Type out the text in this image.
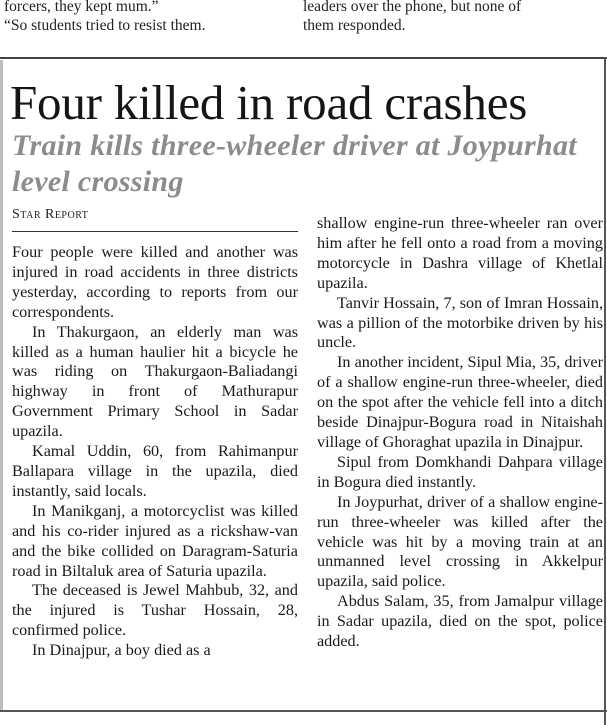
forcers, they kept mum.”

“So students tried to resist them.

leaders over the phone, but none of

them responded.

Four killed in road crashes
Train kills three-wheeler driver at Joypurhat level crossing
Star Report

Four people were killed and another was injured in road accidents in three districts yesterday, according to reports from our correspondents.

In Thakurgaon, an elderly man was killed as a human haulier hit a bicycle he was riding on Thakurgaon-Baliadangi highway in front of Mathurapur Government Primary School in Sadar upazila.

Kamal Uddin, 60, from Rahimanpur Ballapara village in the upazila, died instantly, said locals.

In Manikganj, a motorcyclist was killed and his co-rider injured as a rickshaw-van and the bike collided on Daragram-Saturia road in Biltaluk area of Saturia upazila.

The deceased is Jewel Mahbub, 32, and the injured is Tushar Hossain, 28, confirmed police.

In Dinajpur, a boy died as a

shallow engine-run three-wheeler ran over him after he fell onto a road from a moving motorcycle in Dashra village of Khetlal upazila.

Tanvir Hossain, 7, son of Imran Hossain, was a pillion of the motorbike driven by his uncle.

In another incident, Sipul Mia, 35, driver of a shallow engine-run three-wheeler, died on the spot after the vehicle fell into a ditch beside Dinajpur-Bogura road in Nitaishah village of Ghoraghat upazila in Dinajpur.

Sipul from Domkhandi Dahpara village in Bogura died instantly.

In Joypurhat, driver of a shallow engine-run three-wheeler was killed after the vehicle was hit by a moving train at an unmanned level crossing in Akkelpur upazila, said police.

Abdus Salam, 35, from Jamalpur village in Sadar upazila, died on the spot, police added.
